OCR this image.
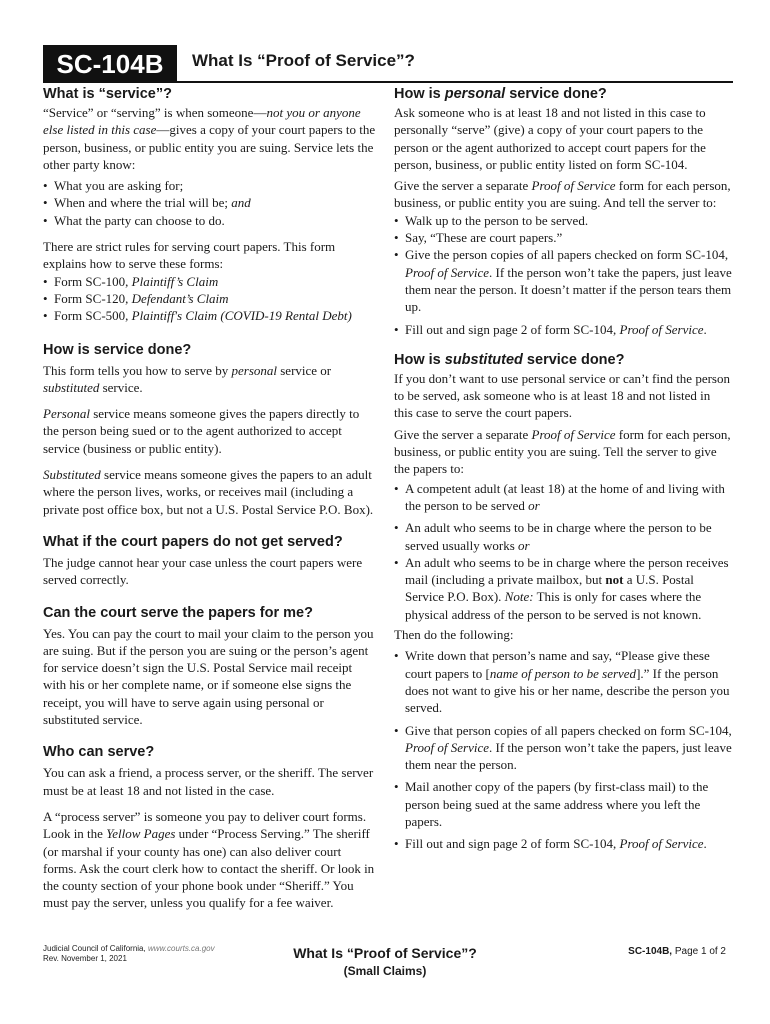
SC-104B	What Is “Proof of Service”?
What is “service”?

“Service” or “serving” is when someone—not you or anyone else listed in this case—gives a copy of your court papers to the person, business, or public entity you are suing. Service lets the other party know:

• What you are asking for;
• When and where the trial will be; and
• What the party can choose to do.

There are strict rules for serving court papers. This form explains how to serve these forms:

• Form SC-100, Plaintiff’s Claim
• Form SC-120, Defendant’s Claim
• Form SC-500, Plaintiff's Claim (COVID-19 Rental Debt)
How is service done?

This form tells you how to serve by personal service or substituted service.

Personal service means someone gives the papers directly to the person being sued or to the agent authorized to accept service (business or public entity).

Substituted service means someone gives the papers to an adult where the person lives, works, or receives mail (including a private post office box, but not a U.S. Postal Service P.O. Box).

What if the court papers do not get served?

The judge cannot hear your case unless the court papers were served correctly.

Can the court serve the papers for me?

Yes. You can pay the court to mail your claim to the person you are suing. But if the person you are suing or the person’s agent for service doesn’t sign the U.S. Postal Service mail receipt with his or her complete name, or if someone else signs the receipt, you will have to serve again using personal or substituted service.

Who can serve?

You can ask a friend, a process server, or the sheriff. The server must be at least 18 and not listed in the case.

A “process server” is someone you pay to deliver court forms. Look in the Yellow Pages under “Process Serving.” The sheriff (or marshal if your county has one) can also deliver court forms. Ask the court clerk how to contact the sheriff. Or look in the county section of your phone book under “Sheriff.” You must pay the server, unless you qualify for a fee waiver.

How is personal service done?

Ask someone who is at least 18 and not listed in this case to personally “serve” (give) a copy of your court papers to the person or the agent authorized to accept court papers for the person, business, or public entity listed on form SC-104.

Give the server a separate Proof of Service form for each person, business, or public entity you are suing. And tell the server to:

• Walk up to the person to be served.
• Say, “These are court papers.”
• Give the person copies of all papers checked on form SC-104, Proof of Service. If the person won’t take the papers, just leave them near the person. It doesn’t matter if the person tears them up.
• Fill out and sign page 2 of form SC-104, Proof of Service.
How is substituted service done?

If you don’t want to use personal service or can’t find the person to be served, ask someone who is at least 18 and not listed in this case to serve the court papers.

Give the server a separate Proof of Service form for each person, business, or public entity you are suing. Tell the server to give the papers to:

• A competent adult (at least 18) at the home of and living with the person to be served or
• An adult who seems to be in charge where the person to be served usually works or
• An adult who seems to be in charge where the person receives mail (including a private mailbox, but not a U.S. Postal Service P.O. Box). Note: This is only for cases where the physical address of the person to be served is not known.

Then do the following:

• Write down that person’s name and say, “Please give these court papers to [name of person to be served].” If the person does not want to give his or her name, describe the person you served.
• Give that person copies of all papers checked on form SC-104, Proof of Service. If the person won’t take the papers, just leave them near the person.
• Mail another copy of the papers (by first-class mail) to the person being sued at the same address where you left the papers.
• Fill out and sign page 2 of form SC-104, Proof of Service.
Judicial Council of California, www.courts.ca.gov
Rev. November 1, 2021	What Is “Proof of Service”?
(Small Claims)
SC-104B, Page 1 of 2
